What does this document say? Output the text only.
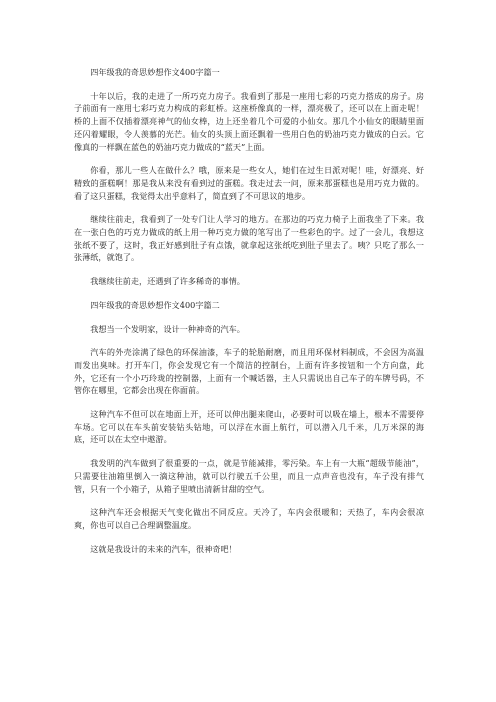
四年级我的奇思妙想作文400字篇一

十年以后，我的走进了一所巧克力房子。我看到了那是一座用七彩的巧克力搭成的房子。房子前面有一座用七彩巧克力构成的彩虹桥。这座桥像真的一样，漂亮极了，还可以在上面走呢！桥的上面不仅插着漂亮神气的仙女棒，边上还坐着几个可爱的小仙女。那几个小仙女的眼睛里面还闪着耀眼，令人羡慕的光芒。仙女的头顶上面还飘着一些用白色的奶油巧克力做成的白云。它像真的一样飘在蓝色的奶油巧克力做成的“蓝天”上面。

你看，那儿一些人在做什么？哦，原来是一些女人，她们在过生日派对呢！哇，好漂亮、好精致的蛋糕啊！那是我从来没有看到过的蛋糕。我走过去一问，原来那蛋糕也是用巧克力做的。看了这只蛋糕，我觉得太出乎意料了，简直到了不可思议的地步。

继续往前走，我看到了一处专门让人学习的地方。在那边的巧克力椅子上面我坐了下来。我在一张白色的巧克力做成的纸上用一种巧克力做的笔写出了一些彩色的字。过了一会儿，我想这张纸不要了，这时，我正好感到肚子有点饿，就拿起这张纸吃到肚子里去了。咦？只吃了那么一张薄纸，就饱了。

我继续往前走，还遇到了许多稀奇的事情。

四年级我的奇思妙想作文400字篇二

我想当一个发明家，设计一种神奇的汽车。

汽车的外壳涂满了绿色的环保油漆，车子的轮胎耐磨，而且用环保材料制成，不会因为高温而发出臭味。打开车门，你会发现它有一个简洁的控制台，上面有许多按钮和一个方向盘，此外，它还有一个小巧玲珑的控制器，上面有一个喊话器，主人只需说出自己车子的车牌号码，不管你在哪里，它都会出现在你面前。

这种汽车不但可以在地面上开，还可以伸出腿来爬山，必要时可以吸在墙上，根本不需要停车场。它可以在车头前安装钻头钻地，可以浮在水面上航行，可以潜入几千米，几万米深的海底，还可以在太空中遨游。

我发明的汽车做到了很重要的一点，就是节能减排，零污染。车上有一大瓶“超级节能油”，只需要往油箱里倒入一滴这种油，就可以行驶五千公里，而且一点声音也没有，车子没有排气管，只有一个小箱子，从箱子里喷出清新甘甜的空气。

这种汽车还会根据天气变化做出不同反应。天冷了，车内会很暖和；天热了，车内会很凉爽，你也可以自己合理调整温度。

这就是我设计的未来的汽车，很神奇吧！
